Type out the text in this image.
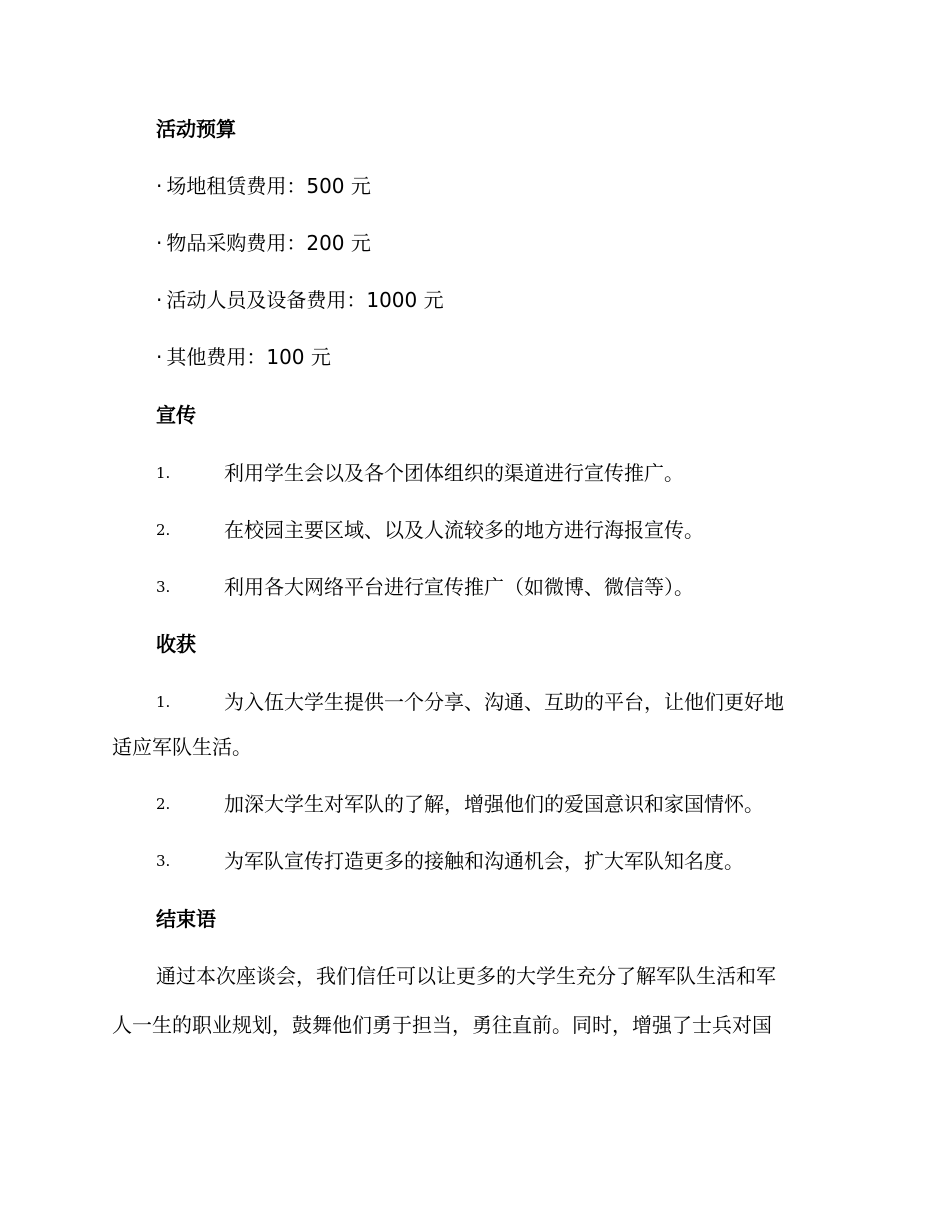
活动预算
· 场地租赁费用：500 元
· 物品采购费用：200 元
· 活动人员及设备费用：1000 元
· 其他费用：100 元
宣传
1.	利用学生会以及各个团体组织的渠道进行宣传推广。
2.	在校园主要区域、以及人流较多的地方进行海报宣传。
3.	利用各大网络平台进行宣传推广（如微博、微信等）。
收获
1.	为入伍大学生提供一个分享、沟通、互助的平台，让他们更好地
适应军队生活。
2.	加深大学生对军队的了解，增强他们的爱国意识和家国情怀。
3.	为军队宣传打造更多的接触和沟通机会，扩大军队知名度。
结束语
通过本次座谈会，我们信任可以让更多的大学生充分了解军队生活和军
人一生的职业规划，鼓舞他们勇于担当，勇往直前。同时，增强了士兵对国
